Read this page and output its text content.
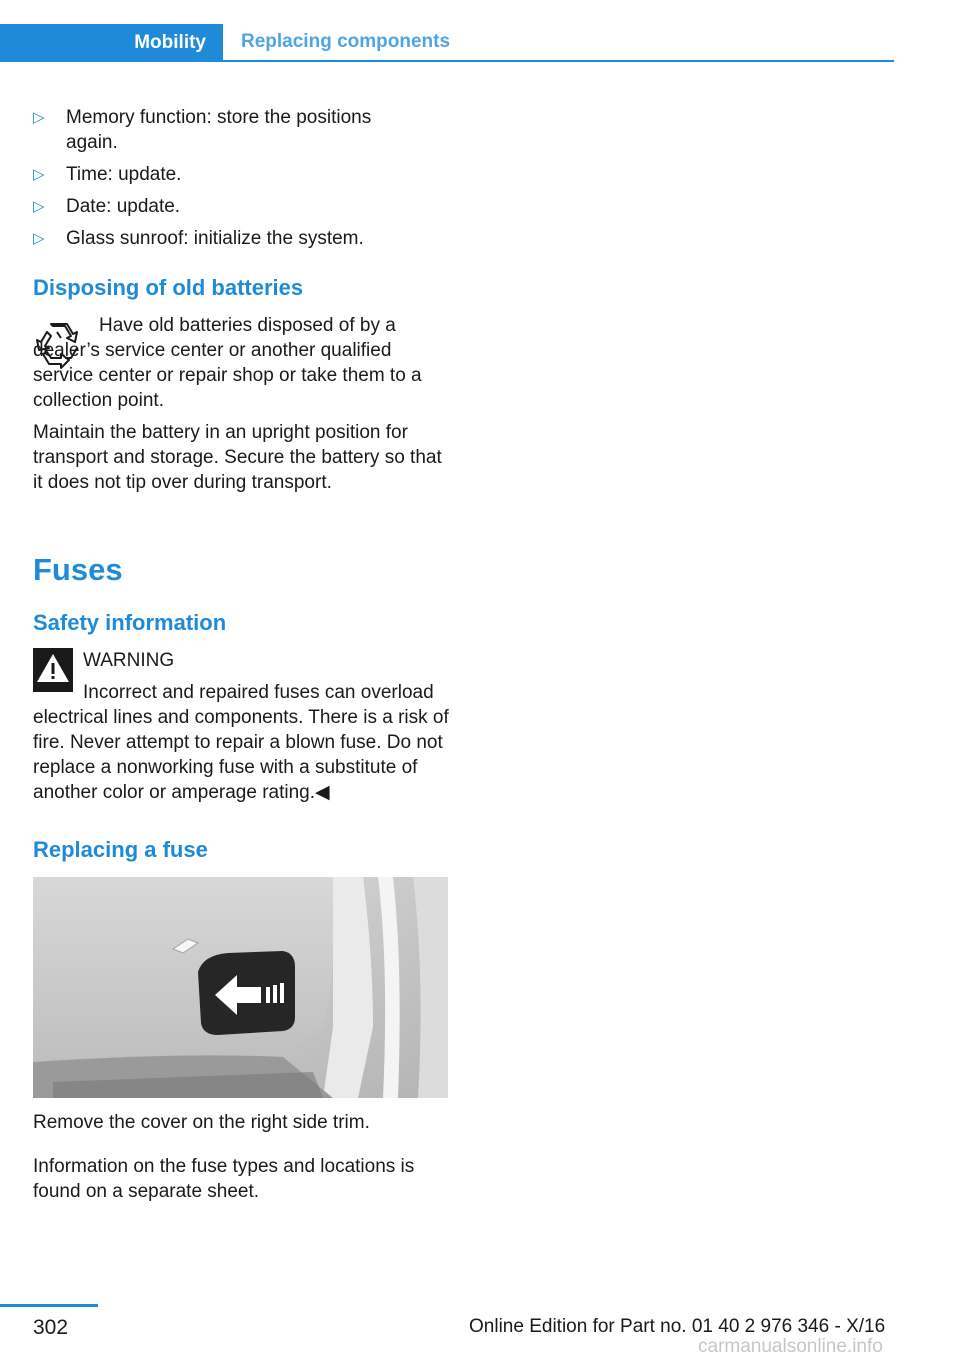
Mobility	Replacing components
▷ Memory function: store the positions again.
▷ Time: update.
▷ Date: update.
▷ Glass sunroof: initialize the system.
Disposing of old batteries
Have old batteries disposed of by a dealer’s service center or another qualified service center or repair shop or take them to a collection point.
Maintain the battery in an upright position for transport and storage. Secure the battery so that it does not tip over during transport.
Fuses
Safety information
WARNING
Incorrect and repaired fuses can overload electrical lines and components. There is a risk of fire. Never attempt to repair a blown fuse. Do not replace a nonworking fuse with a substitute of another color or amperage rating.◀
Replacing a fuse
Remove the cover on the right side trim.
Information on the fuse types and locations is found on a separate sheet.
302	Online Edition for Part no. 01 40 2 976 346 - X/16
carmanualsonline.info
